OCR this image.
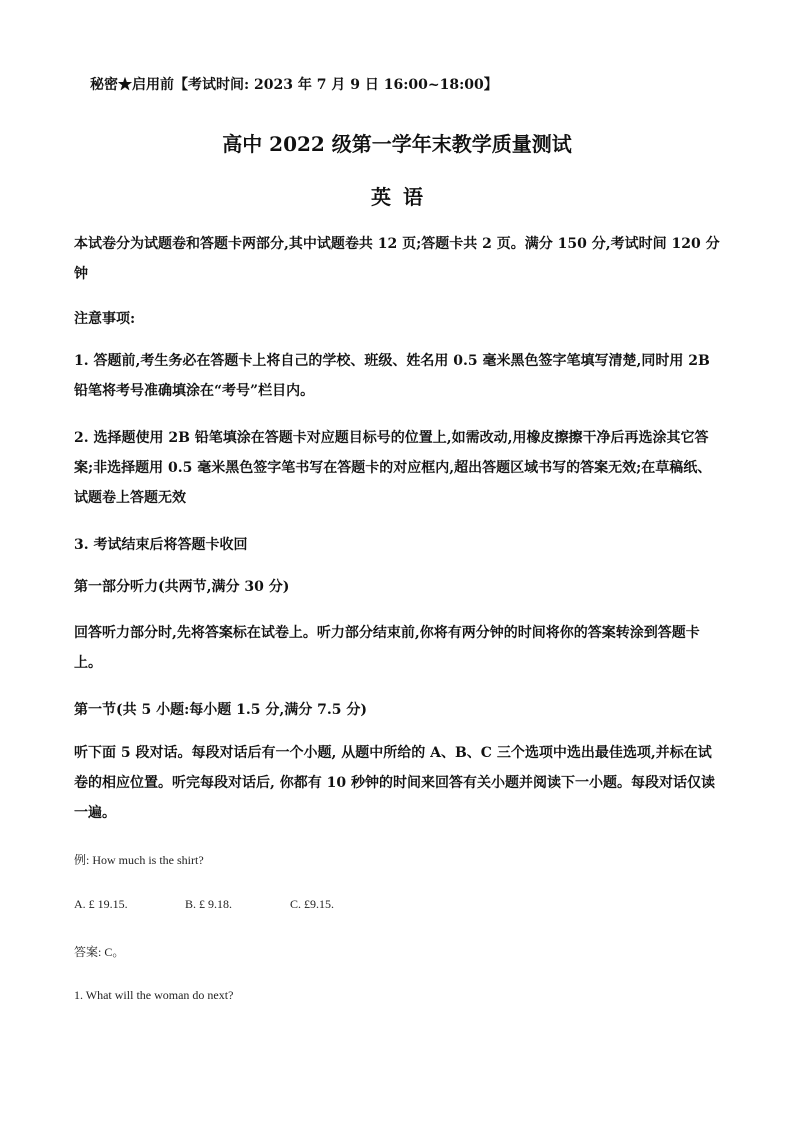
秘密★启用前【考试时间: 2023 年 7 月 9 日 16:00~18:00】
高中 2022 级第一学年末教学质量测试
英语
本试卷分为试题卷和答题卡两部分,其中试题卷共 12 页;答题卡共 2 页。满分 150 分,考试时间 120 分钟
注意事项:
1. 答题前,考生务必在答题卡上将自己的学校、班级、姓名用 0.5 毫米黑色签字笔填写清楚,同时用 2B 铅笔将考号准确填涂在“考号”栏目内。
2. 选择题使用 2B 铅笔填涂在答题卡对应题目标号的位置上,如需改动,用橡皮擦擦干净后再选涂其它答案;非选择题用 0.5 毫米黑色签字笔书写在答题卡的对应框内,超出答题区域书写的答案无效;在草稿纸、试题卷上答题无效
3. 考试结束后将答题卡收回
第一部分听力(共两节,满分 30 分)
回答听力部分时,先将答案标在试卷上。听力部分结束前,你将有两分钟的时间将你的答案转涂到答题卡上。
第一节(共 5 小题:每小题 1.5 分,满分 7.5 分)
听下面 5 段对话。每段对话后有一个小题, 从题中所给的 A、B、C 三个选项中选出最佳选项,并标在试卷的相应位置。听完每段对话后, 你都有 10 秒钟的时间来回答有关小题并阅读下一小题。每段对话仅读一遍。
例: How much is the shirt?
A. £ 19.15.	B. £ 9.18.	C. £9.15.
答案: C。
1. What will the woman do next?
